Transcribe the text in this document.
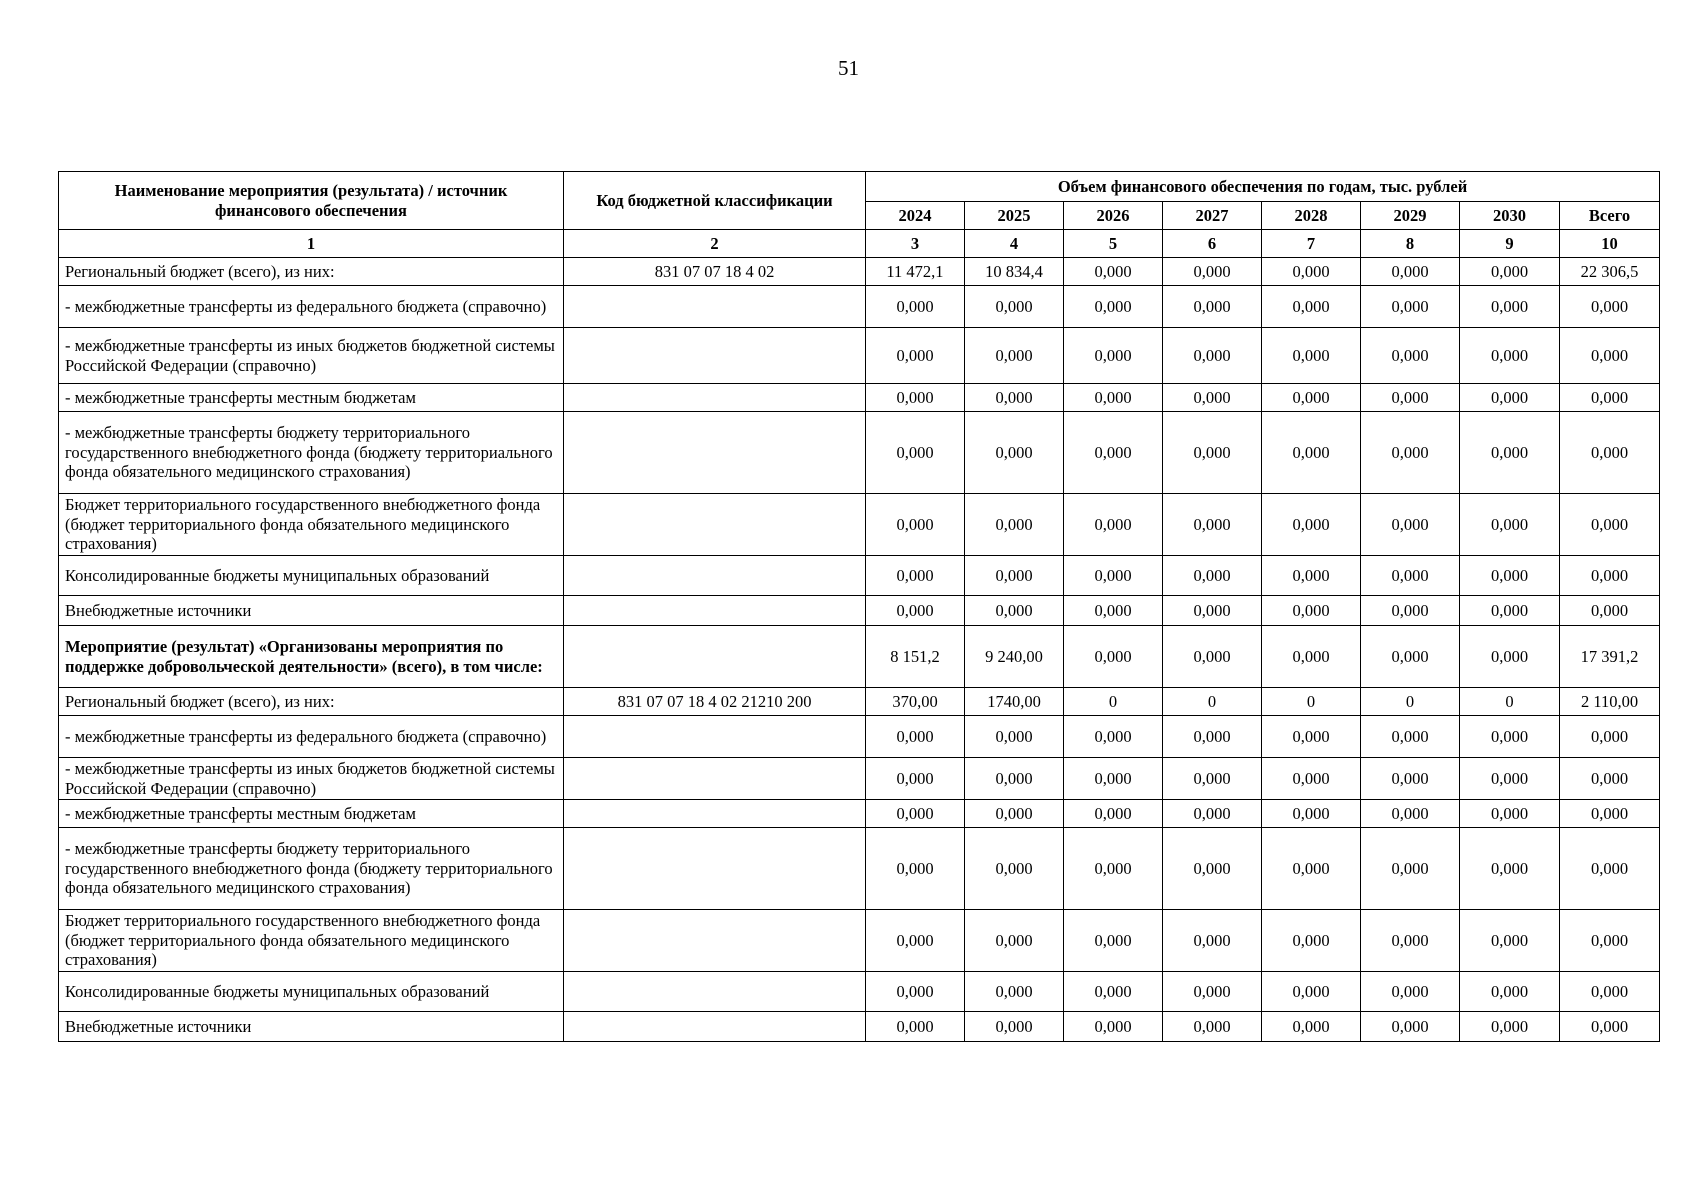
51
Наименование мероприятия (результата) / источник финансового обеспечения	Код бюджетной классификации	Объем финансового обеспечения по годам, тыс. рублей							
		2024	2025	2026	2027	2028	2029	2030	Всего
1	2	3	4	5	6	7	8	9	10
Региональный бюджет (всего), из них:	831 07 07 18 4 02	11 472,1	10 834,4	0,000	0,000	0,000	0,000	0,000	22 306,5
- межбюджетные трансферты из федерального бюджета (справочно)		0,000	0,000	0,000	0,000	0,000	0,000	0,000	0,000
- межбюджетные трансферты из иных бюджетов бюджетной системы Российской Федерации (справочно)		0,000	0,000	0,000	0,000	0,000	0,000	0,000	0,000
- межбюджетные трансферты местным бюджетам		0,000	0,000	0,000	0,000	0,000	0,000	0,000	0,000
- межбюджетные трансферты бюджету территориального государственного внебюджетного фонда (бюджету территориального фонда обязательного медицинского страхования)		0,000	0,000	0,000	0,000	0,000	0,000	0,000	0,000
Бюджет территориального государственного внебюджетного фонда (бюджет территориального фонда обязательного медицинского страхования)		0,000	0,000	0,000	0,000	0,000	0,000	0,000	0,000
Консолидированные бюджеты муниципальных образований		0,000	0,000	0,000	0,000	0,000	0,000	0,000	0,000
Внебюджетные источники		0,000	0,000	0,000	0,000	0,000	0,000	0,000	0,000
Мероприятие (результат) «Организованы мероприятия по поддержке добровольческой деятельности» (всего), в том числе:		8 151,2	9 240,00	0,000	0,000	0,000	0,000	0,000	17 391,2
Региональный бюджет (всего), из них:	831 07 07 18 4 02 21210 200	370,00	1740,00	0	0	0	0	0	2 110,00
- межбюджетные трансферты из федерального бюджета (справочно)		0,000	0,000	0,000	0,000	0,000	0,000	0,000	0,000
- межбюджетные трансферты из иных бюджетов бюджетной системы Российской Федерации (справочно)		0,000	0,000	0,000	0,000	0,000	0,000	0,000	0,000
- межбюджетные трансферты местным бюджетам		0,000	0,000	0,000	0,000	0,000	0,000	0,000	0,000
- межбюджетные трансферты бюджету территориального государственного внебюджетного фонда (бюджету территориального фонда обязательного медицинского страхования)		0,000	0,000	0,000	0,000	0,000	0,000	0,000	0,000
Бюджет территориального государственного внебюджетного фонда (бюджет территориального фонда обязательного медицинского страхования)		0,000	0,000	0,000	0,000	0,000	0,000	0,000	0,000
Консолидированные бюджеты муниципальных образований		0,000	0,000	0,000	0,000	0,000	0,000	0,000	0,000
Внебюджетные источники		0,000	0,000	0,000	0,000	0,000	0,000	0,000	0,000
